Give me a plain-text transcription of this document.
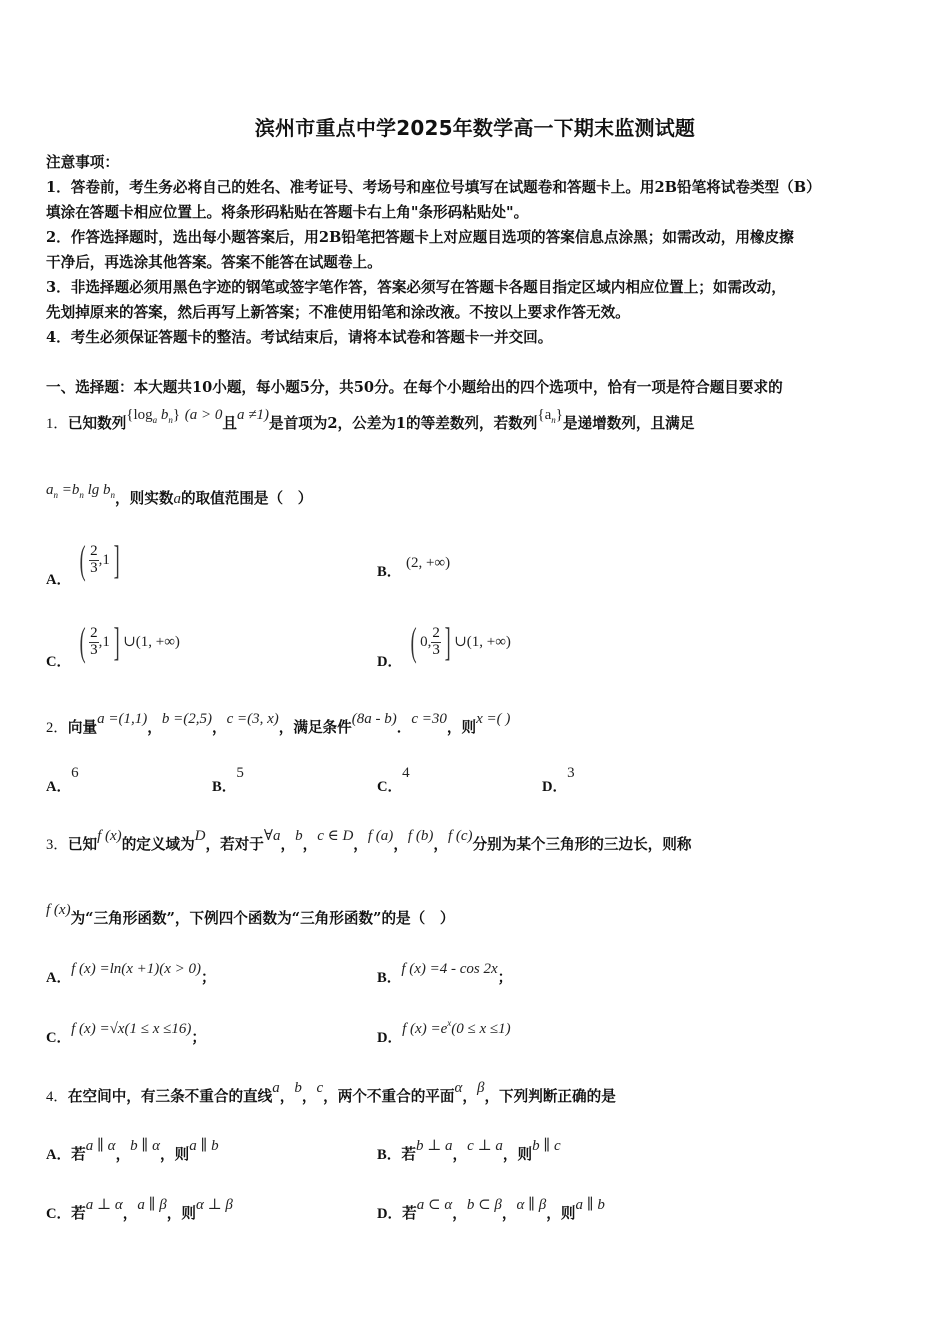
滨州市重点中学2025年数学高一下期末监测试题
注意事项：
1．答卷前，考生务必将自己的姓名、准考证号、考场号和座位号填写在试题卷和答题卡上。用2B铅笔将试卷类型（B）
填涂在答题卡相应位置上。将条形码粘贴在答题卡右上角"条形码粘贴处"。
2．作答选择题时，选出每小题答案后，用2B铅笔把答题卡上对应题目选项的答案信息点涂黑；如需改动，用橡皮擦
干净后，再选涂其他答案。答案不能答在试题卷上。
3．非选择题必须用黑色字迹的钢笔或签字笔作答，答案必须写在答题卡各题目指定区域内相应位置上；如需改动，
先划掉原来的答案，然后再写上新答案；不准使用铅笔和涂改液。不按以上要求作答无效。
4．考生必须保证答题卡的整洁。考试结束后，请将本试卷和答题卡一并交回。
一、选择题：本大题共10小题，每小题5分，共50分。在每个小题给出的四个选项中，恰有一项是符合题目要求的
1．已知数列{$\log_a$ $b_n$} (a > 0且a ≠1)是首项为2，公差为1的等差数列，若数列$\{a_n\}$是递增数列，且满足
$a_n =b_n$ $\lg b_n$，则实数a的取值范围是（　）
A． ( $\frac{2}{3} ,1$]	B． (2, +∞)
C． ( $\frac{2}{3} ,1$] ∪(1, +∞)
D． ( 0, $\frac{2}{3}$ ] ∪(1, +∞)
2．向量a =(1,1)，b =(2,5)，c =(3, x)，满足条件(8a - b)．c =30，则x =( )
A．6
B．5
C．4
D．3
3．已知f (x)的定义域为D，若对于∀a，b，c ∈ D，f (a)，f (b)，f (c)分别为某个三角形的三边长，则称
f (x)为“三角形函数”，下例四个函数为“三角形函数”的是（　）
A．f (x) =ln(x +1)(x > 0)；	B．f (x) =4 - cos 2x；
C．f (x) =√x(1 ≤ x ≤16)；	D．f $(x) =e^x(0 \le x \le 1)$
4．在空间中，有三条不重合的直线a，b，c，两个不重合的平面α，β，下列判断正确的是
A．若a ∥ α，b ∥ α，则a ∥ b
B．若b ⊥ a，c ⊥ a，则b ∥ c
C．若a ⊥ α，a ∥ β，则α ⊥ β
D．若a ⊂ α，b ⊂ β，α ∥ β，则a ∥ b
